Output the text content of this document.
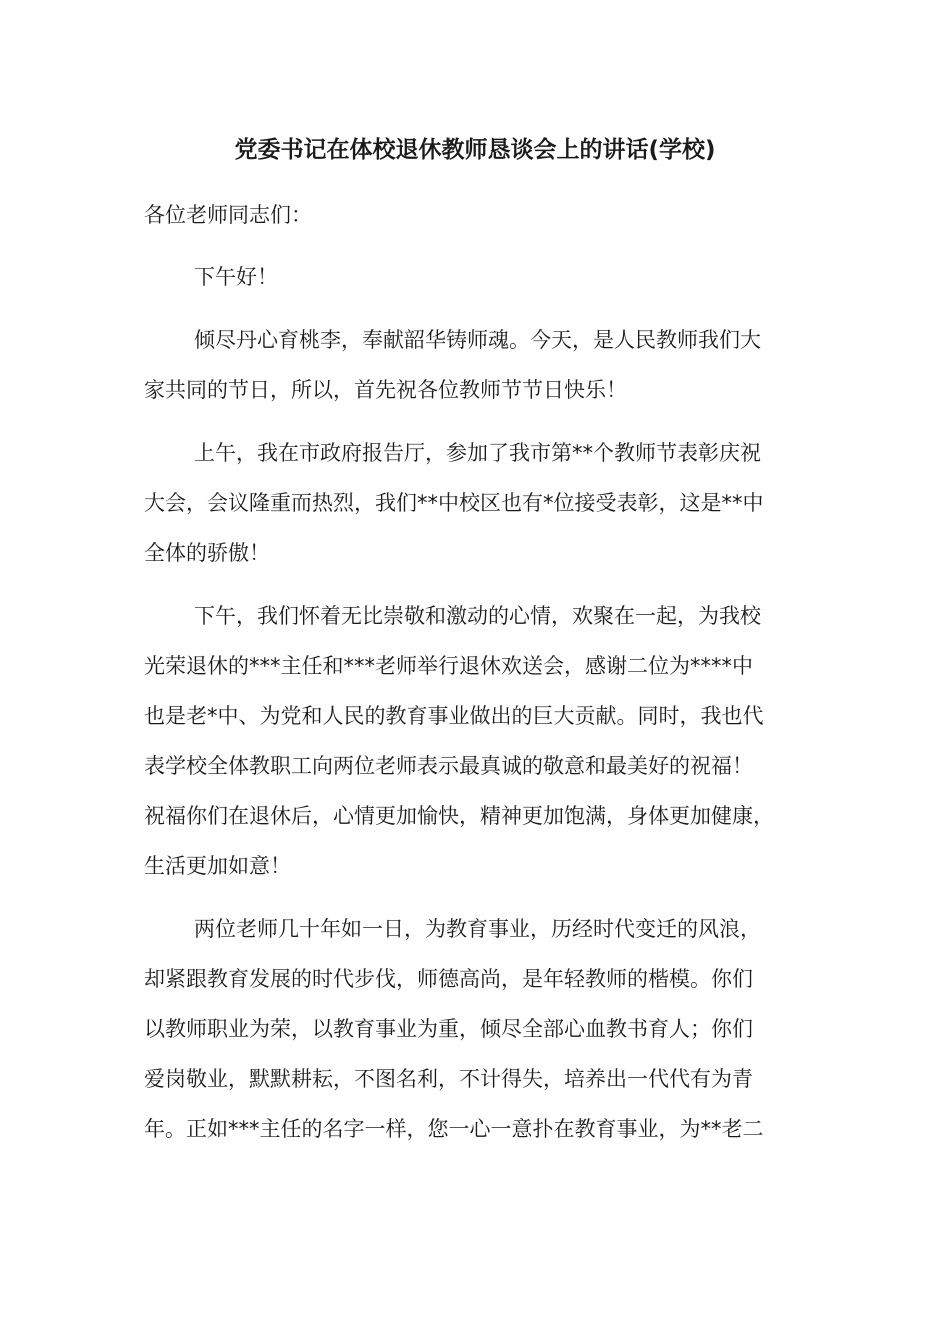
党委书记在体校退休教师恳谈会上的讲话(学校)

各位老师同志们：

下午好！

倾尽丹心育桃李，奉献韶华铸师魂。今天，是人民教师我们大

家共同的节日，所以，首先祝各位教师节节日快乐！

上午，我在市政府报告厅，参加了我市第**个教师节表彰庆祝

大会，会议隆重而热烈，我们**中校区也有*位接受表彰，这是**中

全体的骄傲！

下午，我们怀着无比崇敬和激动的心情，欢聚在一起，为我校

光荣退休的***主任和***老师举行退休欢送会，感谢二位为****中

也是老*中、为党和人民的教育事业做出的巨大贡献。同时，我也代

表学校全体教职工向两位老师表示最真诚的敬意和最美好的祝福！

祝福你们在退休后，心情更加愉快，精神更加饱满，身体更加健康，

生活更加如意！

两位老师几十年如一日，为教育事业，历经时代变迁的风浪，

却紧跟教育发展的时代步伐，师德高尚，是年轻教师的楷模。你们

以教师职业为荣，以教育事业为重，倾尽全部心血教书育人；你们

爱岗敬业，默默耕耘，不图名利，不计得失，培养出一代代有为青

年。正如***主任的名字一样，您一心一意扑在教育事业，为**老二
